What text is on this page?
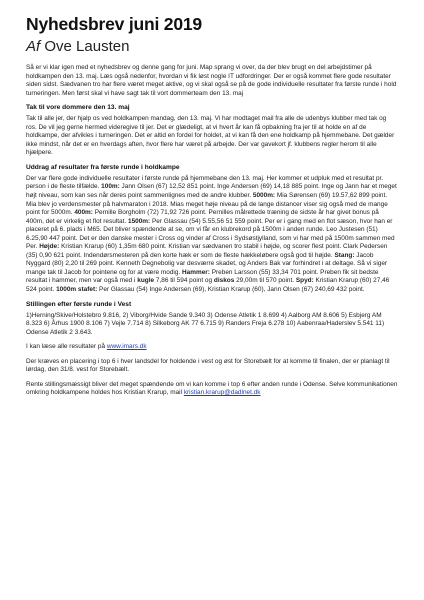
Nyhedsbrev juni 2019
Af Ove Lausten

Så er vi klar igen med et nyhedsbrev og denne gang for juni. Map sprang vi over, da der blev brugt en del arbejdstimer på holdkampen den 13. maj. Læs også nedenfor, hvordan vi fik løst nogle IT udfordringer. Der er også kommet flere gode resultater siden sidst. Sædvanen tro har flere været meget aktive, og vi skal også se på de gode individuelle resultater fra første runde i hold turneringen. Men først skal vi have sagt tak til vort dommerteam den 13. maj

Tak til vore dommere den 13. maj

Tak til alle jer, der hjalp os ved holdkampen mandag, den 13. maj. Vi har modtaget mail fra alle de udenbys klubber med tak og ros. De vil jeg gerne hermed videregive til jer. Det er glædeligt, at vi hvert år kan få opbakning fra jer til at holde en af de holdkampe, der afvikles i turneringen. Det er altid en fordel for holdet, at vi kan få den ene holdkamp på hjemmebane. Det gælder ikke mindst, når det er en hverdags aften, hvor flere har været på arbejde. Der var gavekort jf. klubbens regler herom til alle hjælpere.

Uddrag af resultater fra første runde i holdkampe

Der var flere gode individuelle resultater i første runde på hjemmebane den 13. maj. Her kommer et udpluk med et resultat pr. person i de fleste tilfælde. 100m: Jann Olsen (67) 12,52 851 point. Inge Andersen (69) 14,18 885 point. Inge og Jann har et meget højt niveau, som kan ses når deres point sammenlignes med de andre klubber. 5000m: Mia Sørensen (69) 19.57,62 899 point. Mia blev jo verdensmester på halvmaraton i 2018. Mias meget høje niveau på de lange distancer viser sig også med de mange point for 5000m. 400m: Pernille Borgholm (72) 71,92 726 point. Pernilles målrettede træning de sidste år har givet bonus på 400m, det er virkelig et flot resultat. 1500m: Per Glassau (54) 5.55,56 51 559 point. Per er i gang med en flot sæson, hvor han er placeret på 6. plads i M65. Det bliver spændende at se, om vi får en klubrekord på 1500m i anden runde. Leo Justesen (51) 6.25,90 447 point. Det er den danske mester i Cross og vinder af Cross i Sydsøstjylland, som vi har med på 1500m sammen med Per. Højde: Kristian Krarup (60) 1,35m 680 point. Kristian var sædvanen tro stabil i højde, og scorer flest point. Clark Pedersen (35) 0,90 621 point. Indendørsmesteren på den korte hæk er som de fleste hækkeløbere også god til højde. Stang: Jacob Nyggard (80) 2,20 til 269 point. Kenneth Degnebolig var desværre skadet, og Anders Bak var forhindret i at deltage. Så vi siger mange tak til Jacob for pointene og for at være modig. Hammer: Preben Larsson (55) 33,34 701 point. Preben fik sit bedste resultat i hammer, men var også med i kugle 7,86 til 594 point og diskos 29,00m til 570 point. Spyd: Kristian Krarup (60) 27,46 524 point. 1000m stafet: Per Glassau (54) Inge Andersen (69), Kristian Krarup (60), Jann Olsen (67) 240,69 432 point.

Stillingen efter første runde i Vest

1)Herning/Skive/Holstebro 9.816, 2) Viborg/Hvide Sande 9.340 3) Odense Atletik 1 8.699 4) Aalborg AM 8.606 5) Esbjerg AM 8.323 6) Århus 1900 8.106 7) Vejle 7.714 8) Silkeborg AK 77 6.715 9) Randers Freja 6.278 10) Aabenraa/Haderslev 5.541 11) Odense Atletik 2 3.643.

I kan læse alle resultater på www.imars.dk

Der kræves en placering i top 6 i hver landsdel for holdende i vest og øst for Storebælt for at komme til finalen, der er planlagt til lørdag, den 31/8. vest for Storebælt.

Rente stillingsmæssigt bliver det meget spændende om vi kan komme i top 6 efter anden runde i Odense. Selve kommunikationen omkring holdkampene holdes hos Kristian Krarup, mail kristian.krarup@dadlnet.dk
